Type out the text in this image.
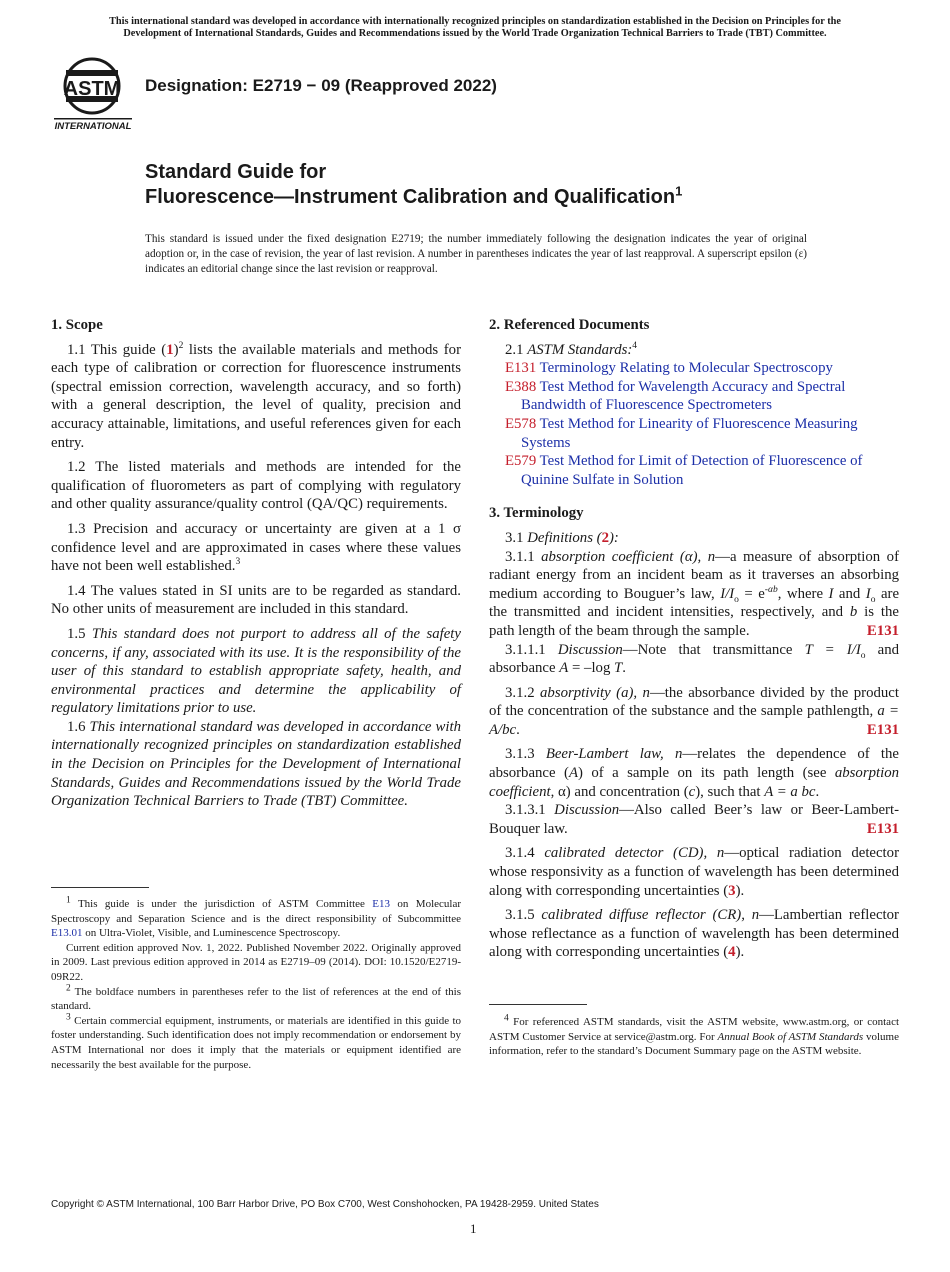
This international standard was developed in accordance with internationally recognized principles on standardization established in the Decision on Principles for the
Development of International Standards, Guides and Recommendations issued by the World Trade Organization Technical Barriers to Trade (TBT) Committee.
ASTM
INTERNATIONAL
Designation: E2719 − 09 (Reapproved 2022)
Standard Guide for
Fluorescence—Instrument Calibration and Qualification$^1$
This standard is issued under the fixed designation E2719; the number immediately following the designation indicates the year of original adoption or, in the case of revision, the year of last revision. A number in parentheses indicates the year of last reapproval. A superscript epsilon (ε) indicates an editorial change since the last revision or reapproval.
1. Scope

1.1 This guide $(1)^2$ lists the available materials and methods for each type of calibration or correction for fluorescence instruments (spectral emission correction, wavelength accuracy, and so forth) with a general description, the level of quality, precision and accuracy attainable, limitations, and useful references given for each entry.

1.2 The listed materials and methods are intended for the qualification of fluorometers as part of complying with regulatory and other quality assurance/quality control (QA/QC) requirements.

1.3 Precision and accuracy or uncertainty are given at a 1 σ confidence level and are approximated in cases where these values have not been well established.$^3$

1.4 The values stated in SI units are to be regarded as standard. No other units of measurement are included in this standard.

1.5 This standard does not purport to address all of the safety concerns, if any, associated with its use. It is the responsibility of the user of this standard to establish appropriate safety, health, and environmental practices and determine the applicability of regulatory limitations prior to use.

1.6 This international standard was developed in accordance with internationally recognized principles on standardization established in the Decision on Principles for the Development of International Standards, Guides and Recommendations issued by the World Trade Organization Technical Barriers to Trade (TBT) Committee.

$^1$ This guide is under the jurisdiction of ASTM Committee E13 on Molecular Spectroscopy and Separation Science and is the direct responsibility of Subcommittee E13.01 on Ultra-Violet, Visible, and Luminescence Spectroscopy.

Current edition approved Nov. 1, 2022. Published November 2022. Originally approved in 2009. Last previous edition approved in 2014 as E2719–09 (2014). DOI: 10.1520/E2719-09R22.

$^2$ The boldface numbers in parentheses refer to the list of references at the end of this standard.

$^3$ Certain commercial equipment, instruments, or materials are identified in this guide to foster understanding. Such identification does not imply recommendation or endorsement by ASTM International nor does it imply that the materials or equipment identified are necessarily the best available for the purpose.

2. Referenced Documents

2.1 ASTM Standards:$^4$

E131 Terminology Relating to Molecular Spectroscopy

E388 Test Method for Wavelength Accuracy and Spectral Bandwidth of Fluorescence Spectrometers

E578 Test Method for Linearity of Fluorescence Measuring Systems

E579 Test Method for Limit of Detection of Fluorescence of Quinine Sulfate in Solution

3. Terminology

3.1 Definitions (2):

3.1.1 absorption coefficient (α), n—a measure of absorption of radiant energy from an incident beam as it traverses an absorbing medium according to Bouguer’s law, $I/I_o = e^{-\alpha b}$, where I and $I_o$ are the transmitted and incident intensities, respectively, and b is the path length of the beam through the sample.	E131

3.1.1.1 Discussion—Note that transmittance $T = I/I_o$ and absorbance A = –log T.

3.1.2 absorptivity (a), n—the absorbance divided by the product of the concentration of the substance and the sample pathlength, a = A/bc.	E131

3.1.3 Beer-Lambert law, n—relates the dependence of the absorbance (A) of a sample on its path length (see absorption coefficient, α) and concentration (c), such that A = a bc.

3.1.3.1 Discussion—Also called Beer’s law or Beer-Lambert-Bouquer law.	E131

3.1.4 calibrated detector (CD), n—optical radiation detector whose responsivity as a function of wavelength has been determined along with corresponding uncertainties (3).

3.1.5 calibrated diffuse reflector (CR), n—Lambertian reflector whose reflectance as a function of wavelength has been determined along with corresponding uncertainties (4).

$^4$ For referenced ASTM standards, visit the ASTM website, www.astm.org, or contact ASTM Customer Service at service@astm.org. For Annual Book of ASTM Standards volume information, refer to the standard’s Document Summary page on the ASTM website.

Copyright © ASTM International, 100 Barr Harbor Drive, PO Box C700, West Conshohocken, PA 19428-2959. United States
1
